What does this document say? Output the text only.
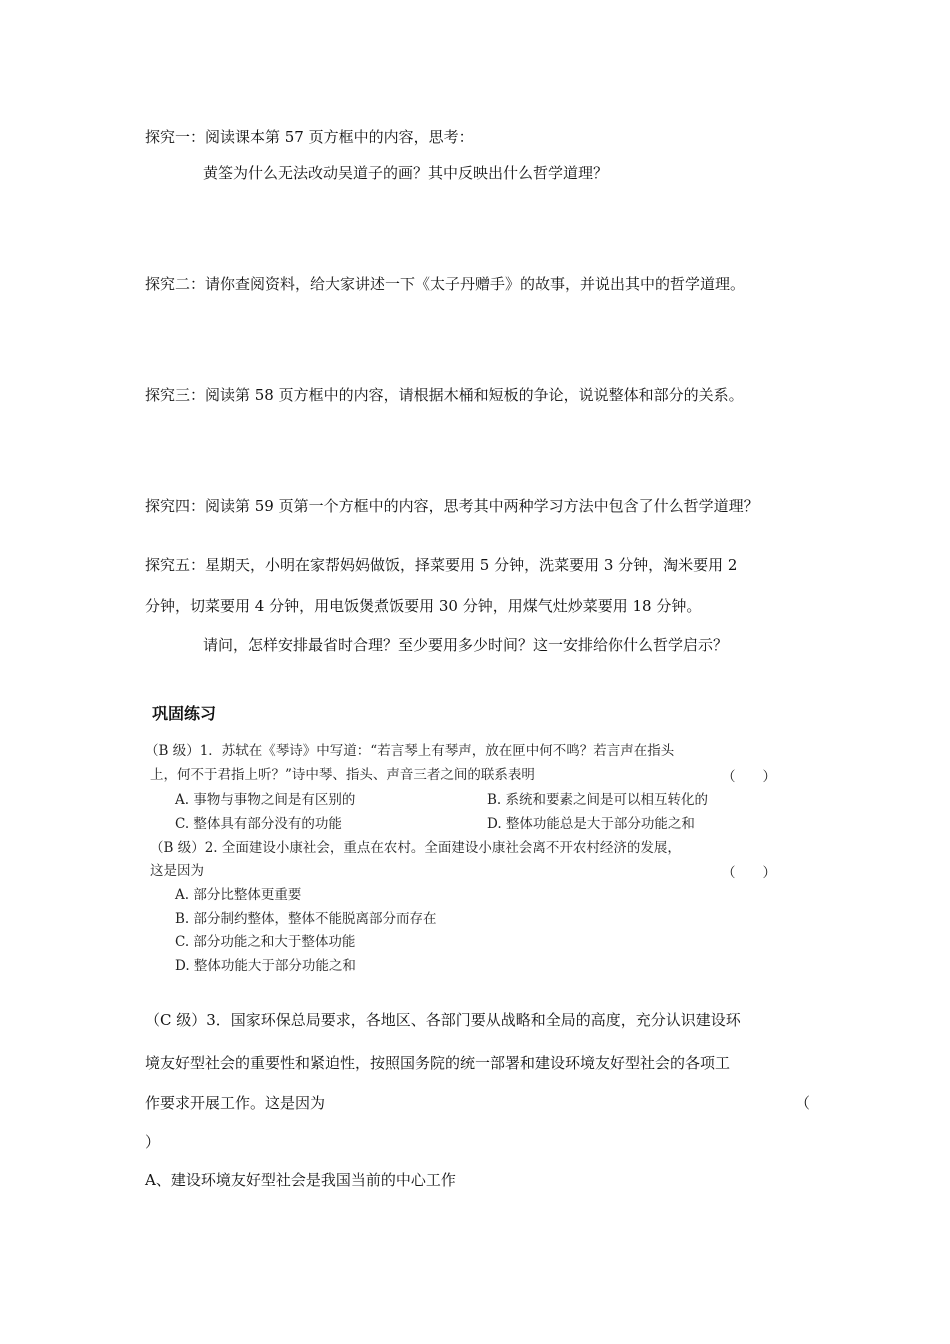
探究一：阅读课本第 57 页方框中的内容，思考：
黄筌为什么无法改动吴道子的画？其中反映出什么哲学道理？
探究二：请你查阅资料，给大家讲述一下《太子丹赠手》的故事，并说出其中的哲学道理。
探究三：阅读第 58 页方框中的内容，请根据木桶和短板的争论，说说整体和部分的关系。
探究四：阅读第 59 页第一个方框中的内容，思考其中两种学习方法中包含了什么哲学道理？
探究五：星期天，小明在家帮妈妈做饭，择菜要用 5 分钟，洗菜要用 3 分钟，淘米要用 2
分钟，切菜要用 4 分钟，用电饭煲煮饭要用 30 分钟，用煤气灶炒菜要用 18 分钟。
请问，怎样安排最省时合理？至少要用多少时间？这一安排给你什么哲学启示？
巩固练习
（B 级）1．苏轼在《琴诗》中写道：“若言琴上有琴声，放在匣中何不鸣？若言声在指头
上，何不于君指上听？”诗中琴、指头、声音三者之间的联系表明	（　　）
A. 事物与事物之间是有区别的	B. 系统和要素之间是可以相互转化的
C. 整体具有部分没有的功能	D. 整体功能总是大于部分功能之和
（B 级）2. 全面建设小康社会，重点在农村。全面建设小康社会离不开农村经济的发展，
这是因为	（　　）
A. 部分比整体更重要
B. 部分制约整体，整体不能脱离部分而存在
C. 部分功能之和大于整体功能
D. 整体功能大于部分功能之和
（C 级）3．国家环保总局要求，各地区、各部门要从战略和全局的高度，充分认识建设环
境友好型社会的重要性和紧迫性，按照国务院的统一部署和建设环境友好型社会的各项工
作要求开展工作。这是因为	（
）
A、建设环境友好型社会是我国当前的中心工作
